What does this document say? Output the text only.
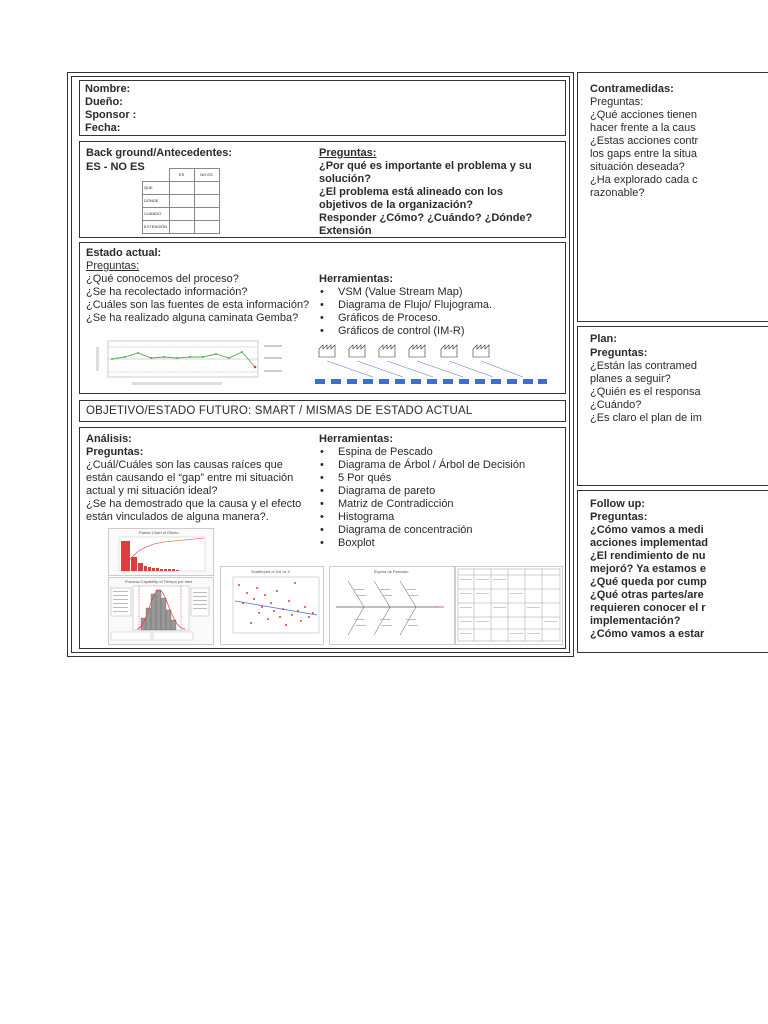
Nombre:
Dueño:
Sponsor :
Fecha:
Back ground/Antecedentes:
ES - NO ES
	ES	NO ES
QUE		
DÓNDE		
CUANDO		
EXTENSIÓN		
Preguntas:
¿Por qué es importante el problema y su
solución?
¿El problema está alineado con los
objetivos de la organización?
Responder ¿Cómo? ¿Cuándo? ¿Dónde?
Extensión
Estado actual:
Preguntas:
¿Qué conocemos del proceso?
¿Se ha recolectado información?
¿Cuáles son las fuentes de esta información?
¿Se ha realizado alguna caminata Gemba?
Herramientas:
• VSM (Value Stream Map)
• Diagrama de Flujo/ Flujograma.
• Gráficos de Proceso.
• Gráficos de control (IM-R)
OBJETIVO/ESTADO FUTURO: SMART / MISMAS DE ESTADO ACTUAL
Análisis:
Preguntas:
¿Cuál/Cuáles son las causas raíces que
están causando el “gap” entre mi situación
actual y mi situación ideal?
¿Se ha demostrado que la causa y el efecto
están vinculados de alguna manera?.
Herramientas:
• Espina de Pescado
• Diagrama de Árbol / Árbol de Decisión
• 5 Por qués
• Diagrama de pareto
• Matriz de Contradicción
• Histograma
• Diagrama de concentración
• Boxplot
Pareto Chart of Efecto
Process Capability of Tiempo por mes
Scatterplot of Vol vs X	Espina de Pescado
Contramedidas:
Preguntas:
¿Qué acciones tienen
hacer frente a la caus
¿Estas acciones contr
los gaps entre la situa
situación deseada?
¿Ha explorado cada c
razonable?
Plan:
Preguntas:
¿Están las contramed
planes a seguir?
¿Quién es el responsa
¿Cuándo?
¿Es claro el plan de im
Follow up:
Preguntas:
¿Cómo vamos a medi
acciones implementad
¿El rendimiento de nu
mejoró? Ya estamos e
¿Qué queda por cump
¿Qué otras partes/are
requieren conocer el r
implementación?
¿Cómo vamos a estar
